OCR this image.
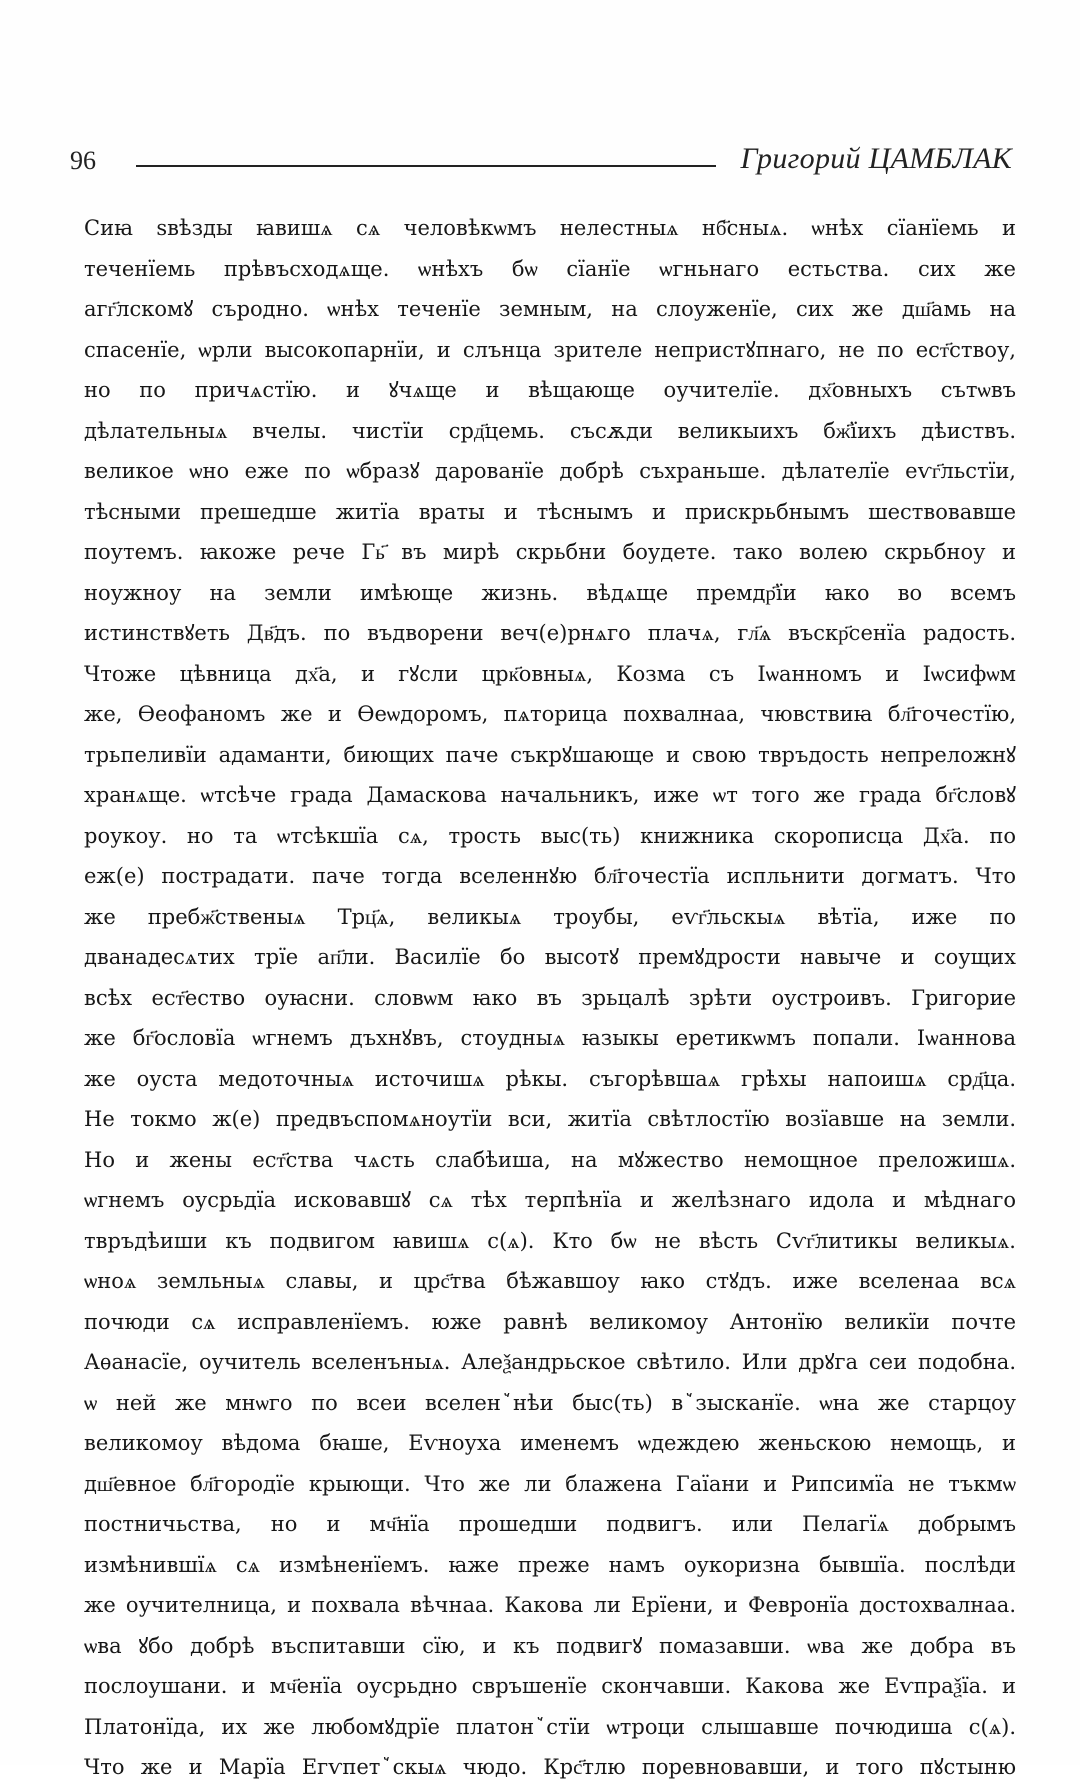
96	Григорий ЦАМБЛАК
Сиꙗ ѕвѣзды ꙗвишѧ сѧ человѣкѡмъ нелестныѧ нб҃сныѧ. ѡнѣх сїанїемь и
теченїемь прѣвъсходѧще. ѡнѣхъ бѡ сїанїе ѡгньнаго естьства. сих же
агг҃лскомꙋ съродно. ѡнѣх теченїе земным, на слоуженїе, сих же дш҃амь на
спасенїе, ѡрли высокопарнїи, и слънца зрителе непристꙋпнаго, не по ест҃ствоу,
но по причѧстїю. и ꙋчѧще и вѣщающе оучителїе. дх҃овныхъ сътѡвъ
дѣлательныѧ вчелы. чистїи срд҃цемь. съсѫди великыихъ бж҃їихъ дѣиствъ.
великое ѡно еже по ѡбразꙋ дарованїе добрѣ съхраньше. дѣлателїе еѵг҃льстїи,
тѣсными прешедше житїа враты и тѣснымъ и прискрьбнымъ шествовавше
поутемъ. ꙗкоже рече Гь҃ въ мирѣ скрьбни боудете. тако волею скрьбноу и
ноужноу на земли имѣюще жизнь. вѣдѧще премдр҃їи ꙗко во всемъ
истинствꙋеть Дв҃дъ. по въдворени веч(е)рнѧго плачѧ, гл҃ѧ въскр҃сенїа радость.
Чтоже цѣвница дх҃а, и гꙋсли црк҃овныѧ, Козма съ Іѡанномъ и Іѡсифѡм
же, Ѳеофаномъ же и Ѳеѡдоромъ, пѧторица похвалнаа, чювствиꙗ бл҃гочестїю,
трьпеливїи адаманти, биющих паче съкрꙋшающе и свою твръдость непреложнꙋ
хранѧще. ѡтсѣче града Дамаскова начальникъ, иже ѡт того же града бг҃словꙋ
роукоу. но та ѡтсѣкшїа сѧ, трость выс(ть) книжника скорописца Дх҃а. по
еж(е) пострадати. паче тогда вселеннꙋю бл҃гочестїа испльнити догматъ. Что
же пребж҃ственыѧ Трц҃ѧ, великыѧ троубы, еѵг҃льскыѧ вѣтїа, иже по
дванадесѧтих трїе ап҃ли. Василїе бо высотꙋ премꙋдрости навыче и соущих
всѣх ест҃ество оуꙗсни. словѡм ꙗко въ зрьцалѣ зрѣти оустроивъ. Григорие
же бг҃ословїа ѡгнемъ дъхнꙋвъ, стоудныѧ ꙗзыкы еретикѡмъ попали. Іѡаннова
же оуста медоточныѧ источишѧ рѣкы. съгорѣвшаѧ грѣхы напоишѧ срд҃ца.
Не токмо ж(е) предвъспомѧноутїи вси, житїа свѣтлостїю возїавше на земли.
Но и жены ест҃ства чѧсть слабѣиша, на мꙋжество немощное преложишѧ.
ѡгнемъ оусрьдїа исковавшꙋ сѧ тѣх терпѣнїа и желѣзнаго идола и мѣднаго
твръдѣиши къ подвигом ꙗвишѧ с(ѧ). Кто бѡ не вѣсть Сѵг҃литикы великыѧ.
ѡноѧ земльныѧ славы, и црс҃тва бѣжавшоу ꙗко стꙋдъ. иже вселенаа всѧ
почюди сѧ исправленїемъ. юже равнѣ великомоу Антонїю великїи почте
Аѳанасїе, оучитель вселенъныѧ. Алеѯандрьское свѣтило. Или дрꙋга сеи подобна.
ѡ ней же мнѡго по всеи вселенꙿнѣи быс(ть) вꙿзысканїе. ѡна же старцоу
великомоу вѣдома бꙗше, Еѵноуха именемъ ѡдеждею женьскою немощь, и
дш҃евное бл҃городїе крыющи. Что же ли блажена Гаїани и Рипсимїа не тъкмѡ
постничьства, но и мч҃нїа прошедши подвигъ. или Пелагїѧ добрымъ
измѣнившїѧ сѧ измѣненїемъ. ꙗже преже намъ оукоризна бывшїа. послѣди
же оучителница, и похвала вѣчнаа. Какова ли Ерїени, и Февронїа достохвалнаа.
ѡва ꙋбо добрѣ въспитавши сїю, и къ подвигꙋ помазавши. ѡва же добра въ
послоушани. и мч҃енїа оусрьдно свръшенїе скончавши. Какова же Еѵпраѯїа. и
Платонїда, их же любомꙋдрїе платонꙿстїи ѡтроци слышавше почюдиша с(ѧ).
Что же и Марїа Егѵпетꙿскыѧ чюдо. Крс҃тлю поревновавши, и того пꙋстыню
